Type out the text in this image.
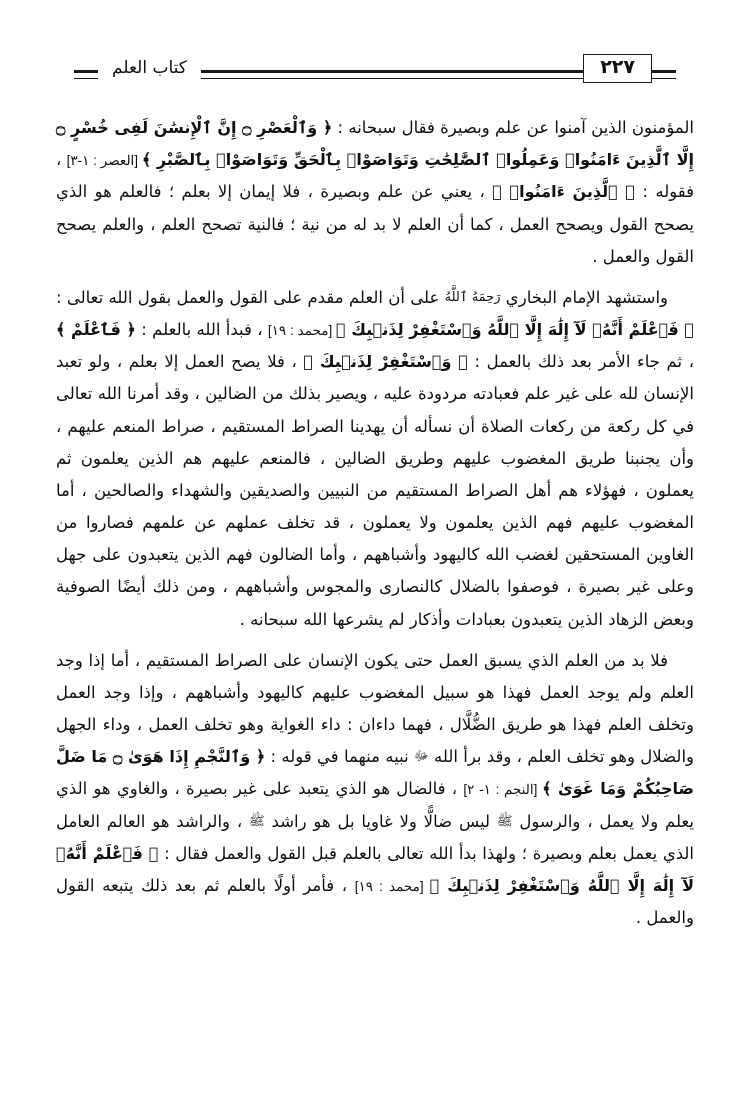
٢٢٧
كتاب العلم
المؤمنون الذين آمنوا عن علم وبصيرة فقال سبحانه : ﴿ وَٱلْعَصْرِ ۝ إِنَّ ٱلْإِنسَٰنَ لَفِى خُسْرٍ ۝ إِلَّا ٱلَّذِينَ ءَامَنُوا۟ وَعَمِلُوا۟ ٱلصَّٰلِحَٰتِ وَتَوَاصَوْا۟ بِٱلْحَقِّ وَتَوَاصَوْا۟ بِٱلصَّبْرِ ﴾ [العصر : ١-٣] ، فقوله : ﴿ ٱلَّذِينَ ءَامَنُوا۟ ﴾ ، يعني عن علم وبصيرة ، فلا إيمان إلا بعلم ؛ فالعلم هو الذي يصحح القول ويصحح العمل ، كما أن العلم لا بد له من نية ؛ فالنية تصحح العلم ، والعلم يصحح القول والعمل .
واستشهد الإمام البخاري رَحِمَهُ ٱللَّهُ على أن العلم مقدم على القول والعمل بقول الله تعالى : ﴿ فَٱعْلَمْ أَنَّهُۥ لَآ إِلَٰهَ إِلَّا ٱللَّهُ وَٱسْتَغْفِرْ لِذَنۢبِكَ ﴾ [محمد : ١٩] ، فبدأ الله بالعلم : ﴿ فَٱعْلَمْ ﴾ ، ثم جاء الأمر بعد ذلك بالعمل : ﴿ وَٱسْتَغْفِرْ لِذَنۢبِكَ ﴾ ، فلا يصح العمل إلا بعلم ، ولو تعبد الإنسان لله على غير علم فعبادته مردودة عليه ، ويصير بذلك من الضالين ، وقد أمرنا الله تعالى في كل ركعة من ركعات الصلاة أن نسأله أن يهدينا الصراط المستقيم ، صراط المنعم عليهم ، وأن يجنبنا طريق المغضوب عليهم وطريق الضالين ، فالمنعم عليهم هم الذين يعلمون ثم يعملون ، فهؤلاء هم أهل الصراط المستقيم من النبيين والصديقين والشهداء والصالحين ، أما المغضوب عليهم فهم الذين يعلمون ولا يعملون ، قد تخلف عملهم عن علمهم فصاروا من الغاوين المستحقين لغضب الله كاليهود وأشباههم ، وأما الضالون فهم الذين يتعبدون على جهل وعلى غير بصيرة ، فوصفوا بالضلال كالنصارى والمجوس وأشباههم ، ومن ذلك أيضًا الصوفية وبعض الزهاد الذين يتعبدون بعبادات وأذكار لم يشرعها الله سبحانه .
فلا بد من العلم الذي يسبق العمل حتى يكون الإنسان على الصراط المستقيم ، أما إذا وجد العلم ولم يوجد العمل فهذا هو سبيل المغضوب عليهم كاليهود وأشباههم ، وإذا وجد العمل وتخلف العلم فهذا هو طريق الضُّلَّال ، فهما داءان : داء الغواية وهو تخلف العمل ، وداء الجهل والضلال وهو تخلف العلم ، وقد برأ الله ﷻ نبيه منهما في قوله : ﴿ وَٱلنَّجْمِ إِذَا هَوَىٰ ۝ مَا ضَلَّ صَاحِبُكُمْ وَمَا غَوَىٰ ﴾ [النجم : ١- ٢] ، فالضال هو الذي يتعبد على غير بصيرة ، والغاوي هو الذي يعلم ولا يعمل ، والرسول ﷺ ليس ضالًّا ولا غاويا بل هو راشد ﷺ ، والراشد هو العالم العامل الذي يعمل بعلم وبصيرة ؛ ولهذا بدأ الله تعالى بالعلم قبل القول والعمل فقال : ﴿ فَٱعْلَمْ أَنَّهُۥ لَآ إِلَٰهَ إِلَّا ٱللَّهُ وَٱسْتَغْفِرْ لِذَنۢبِكَ ﴾ [محمد : ١٩] ، فأمر أولًا بالعلم ثم بعد ذلك يتبعه القول والعمل .
